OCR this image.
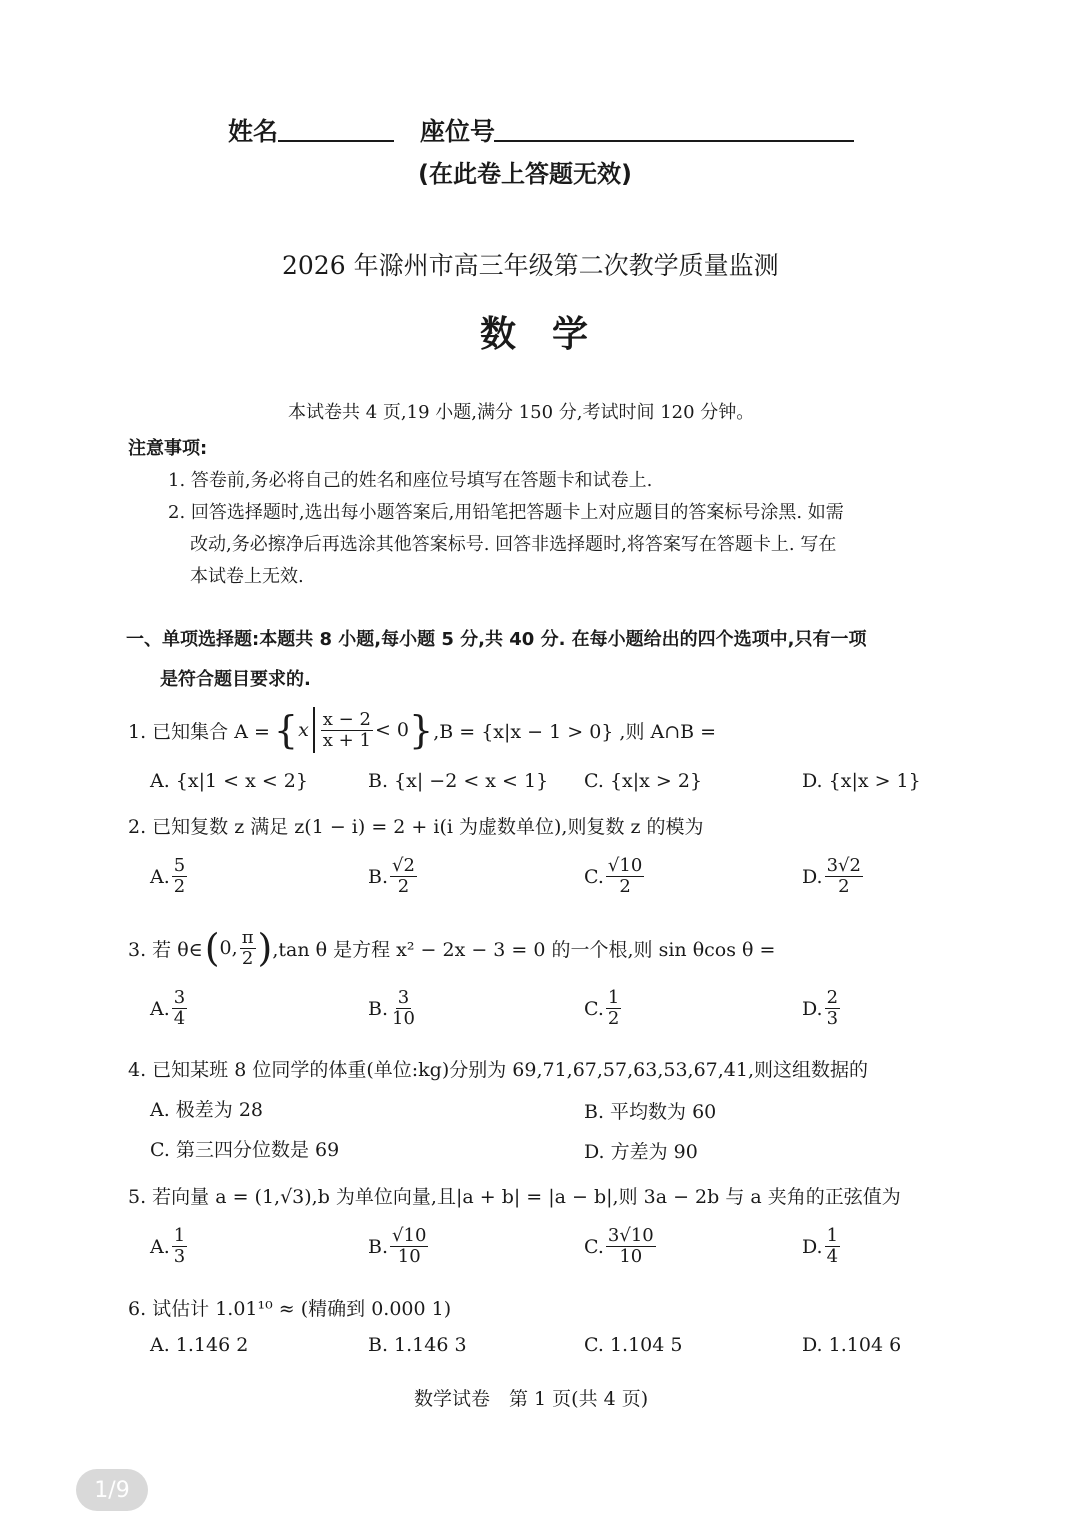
姓名	座位号
(在此卷上答题无效)
2026 年滁州市高三年级第二次教学质量监测
数　学
本试卷共 4 页,19 小题,满分 150 分,考试时间 120 分钟。
注意事项:
1. 答卷前,务必将自己的姓名和座位号填写在答题卡和试卷上.
2. 回答选择题时,选出每小题答案后,用铅笔把答题卡上对应题目的答案标号涂黑. 如需
改动,务必擦净后再选涂其他答案标号. 回答非选择题时,将答案写在答题卡上. 写在
本试卷上无效.
一、单项选择题:本题共 8 小题,每小题 5 分,共 40 分. 在每小题给出的四个选项中,只有一项
是符合题目要求的.
1. 已知集合 A = { x $\frac{x - 2}{x + 1} < 0$ } ,B = {x|x − 1 > 0} ,则 A∩B =
A. {x|1 < x < 2}	B. {x| −2 < x < 1} C. {x|x > 2}	D. {x|x > 1}
2. 已知复数 z 满足 z(1 − i) = 2 + i(i 为虚数单位),则复数 z 的模为
A. $\frac{5}{2}$	B. $\frac{√2}{2}$	C. $\frac{√10}{2}$	D. $\frac{3√2}{2}$
3. 若 θ∈ ( 0, $\frac{\pi}{2}$ ) ,tan θ 是方程 x² − 2x − 3 = 0 的一个根,则 sin θcos θ =
A. $\frac{3}{4}$	B. $\frac{3}{10}$	C. $\frac{1}{2}$	D. $\frac{2}{3}$
4. 已知某班 8 位同学的体重(单位:kg)分别为 69,71,67,57,63,53,67,41,则这组数据的
A. 极差为 28	B. 平均数为 60
C. 第三四分位数是 69	D. 方差为 90
5. 若向量 a = (1,√3),b 为单位向量,且|a + b| = |a − b|,则 3a − 2b 与 a 夹角的正弦值为
A. $\frac{1}{3}$	B. $\frac{√10}{10}$	C. $\frac{3√10}{10}$	D. $\frac{1}{4}$
6. 试估计 1.01¹⁰ ≈ (精确到 0.000 1)
A. 1.146 2	B. 1.146 3	C. 1.104 5	D. 1.104 6
数学试卷　第 1 页(共 4 页)
1/9
